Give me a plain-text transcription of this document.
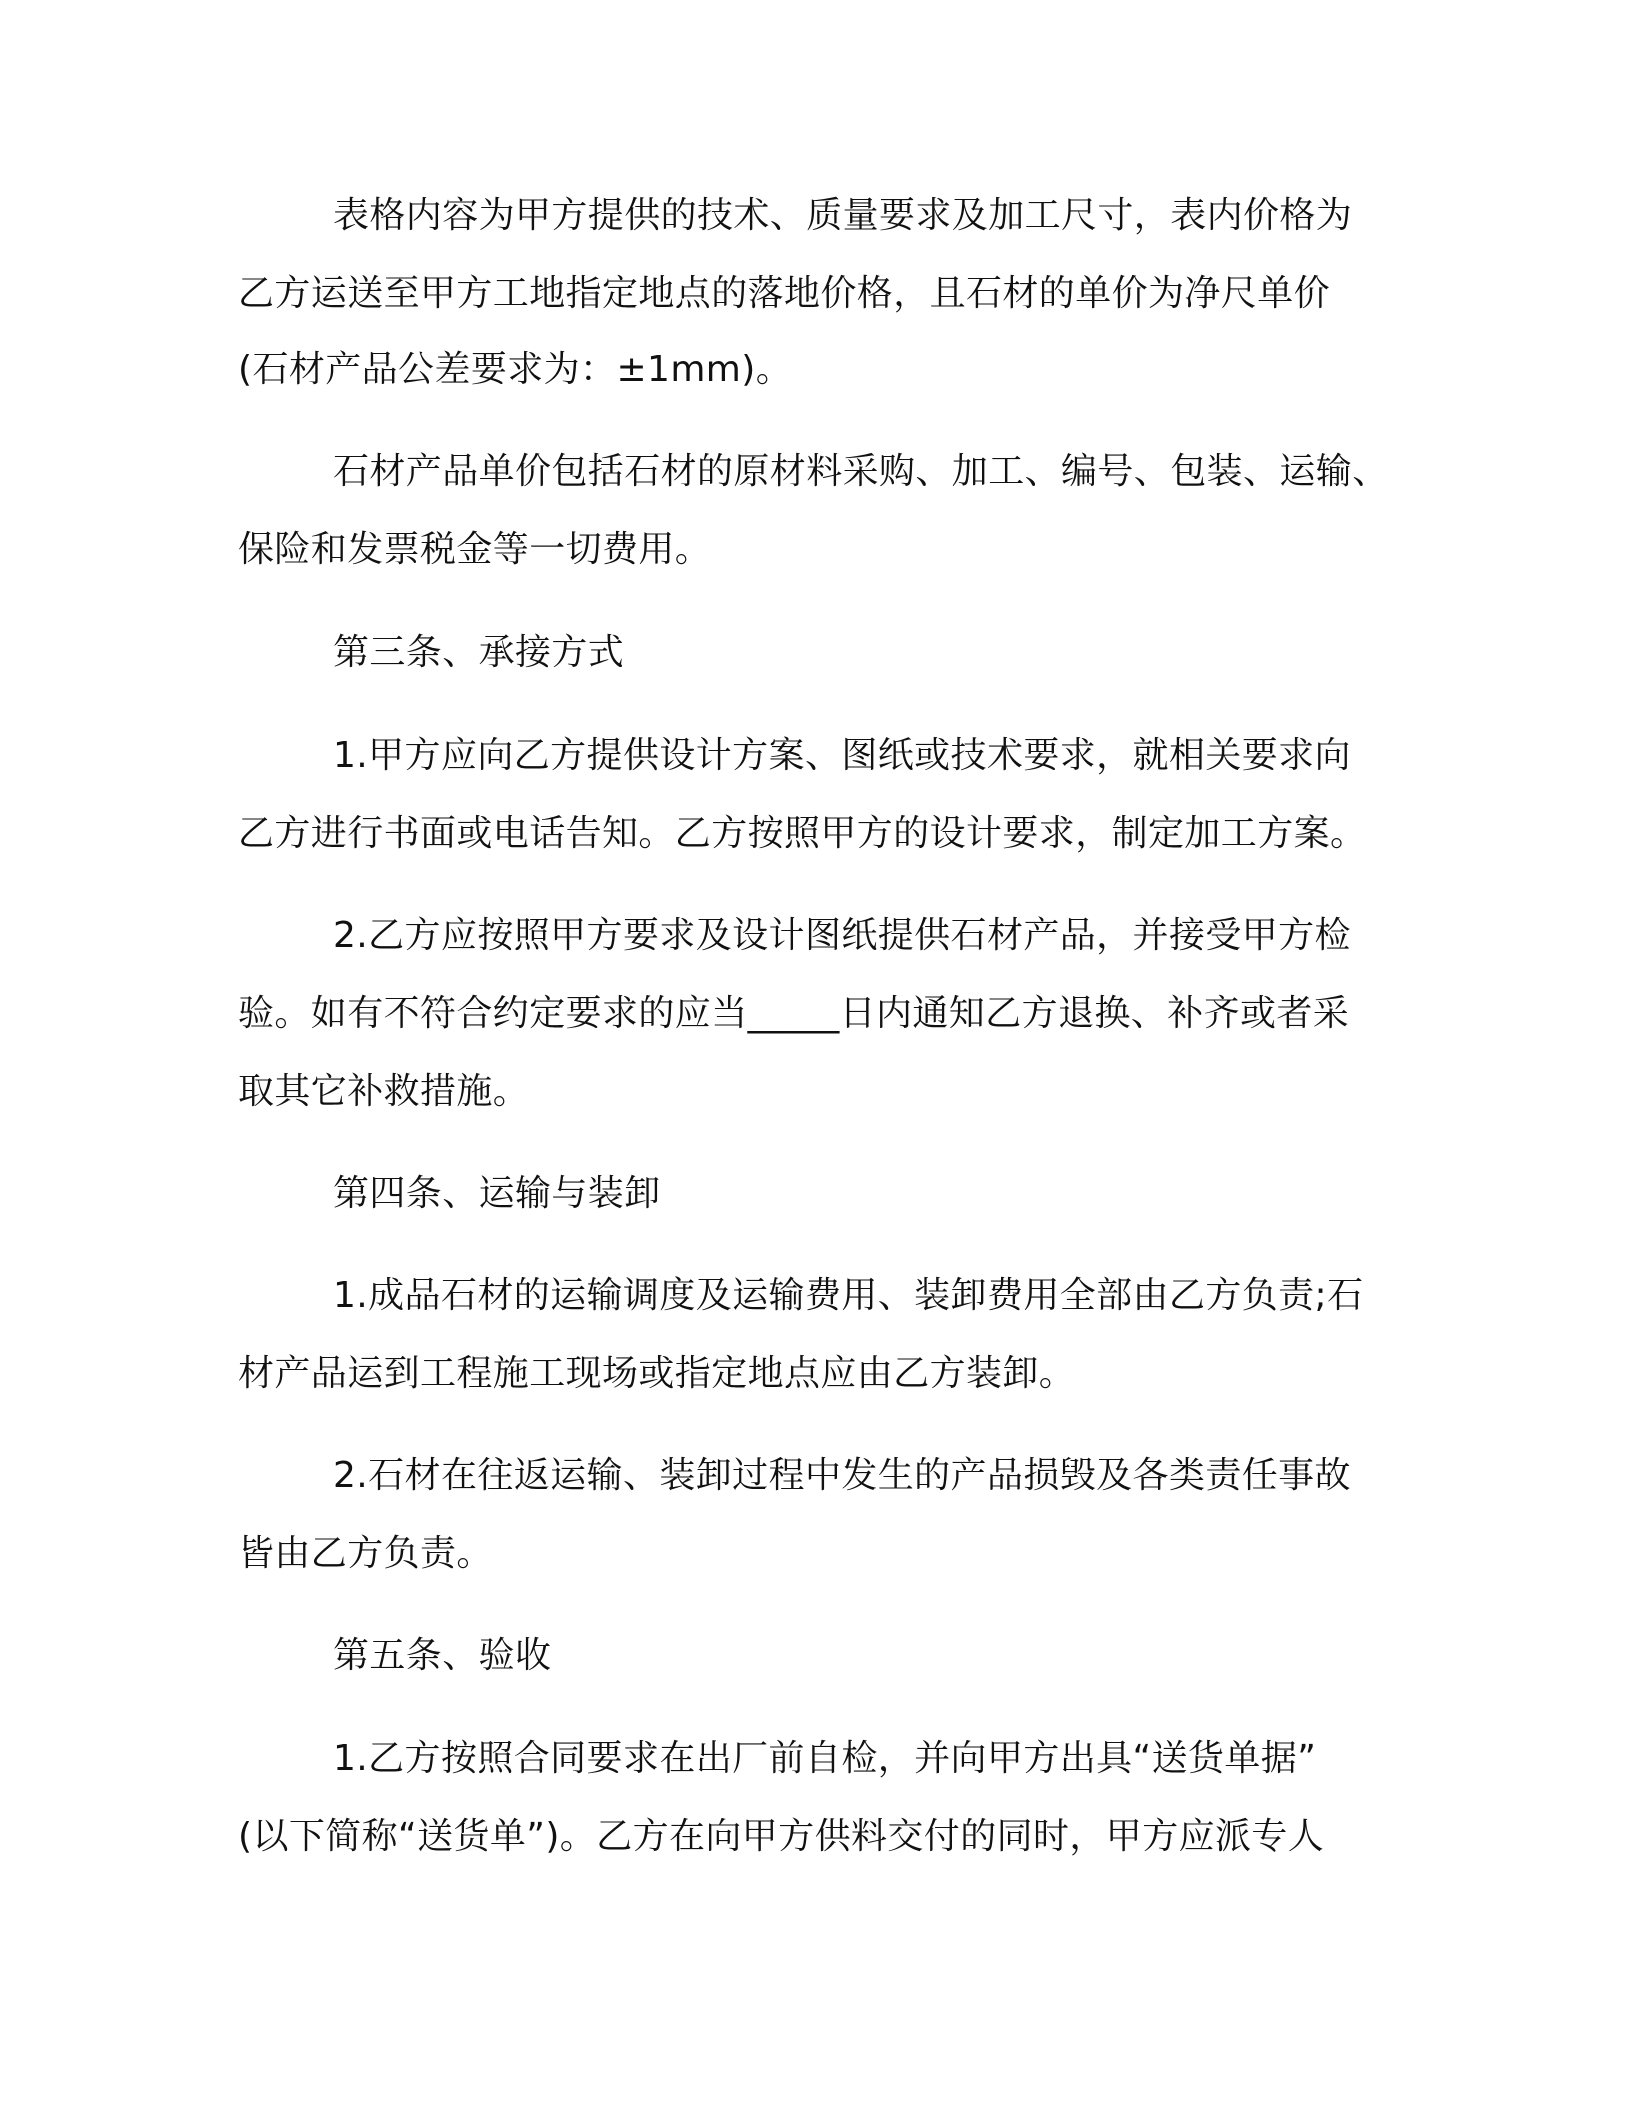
表格内容为甲方提供的技术、质量要求及加工尺寸，表内价格为
乙方运送至甲方工地指定地点的落地价格，且石材的单价为净尺单价
(石材产品公差要求为：±1mm)。
石材产品单价包括石材的原材料采购、加工、编号、包装、运输、
保险和发票税金等一切费用。
第三条、承接方式
1.甲方应向乙方提供设计方案、图纸或技术要求，就相关要求向
乙方进行书面或电话告知。乙方按照甲方的设计要求，制定加工方案。
2.乙方应按照甲方要求及设计图纸提供石材产品，并接受甲方检
验。如有不符合约定要求的应当_____日内通知乙方退换、补齐或者采
取其它补救措施。
第四条、运输与装卸
1.成品石材的运输调度及运输费用、装卸费用全部由乙方负责;石
材产品运到工程施工现场或指定地点应由乙方装卸。
2.石材在往返运输、装卸过程中发生的产品损毁及各类责任事故
皆由乙方负责。
第五条、验收
1.乙方按照合同要求在出厂前自检，并向甲方出具“送货单据”
(以下简称“送货单”)。乙方在向甲方供料交付的同时，甲方应派专人
